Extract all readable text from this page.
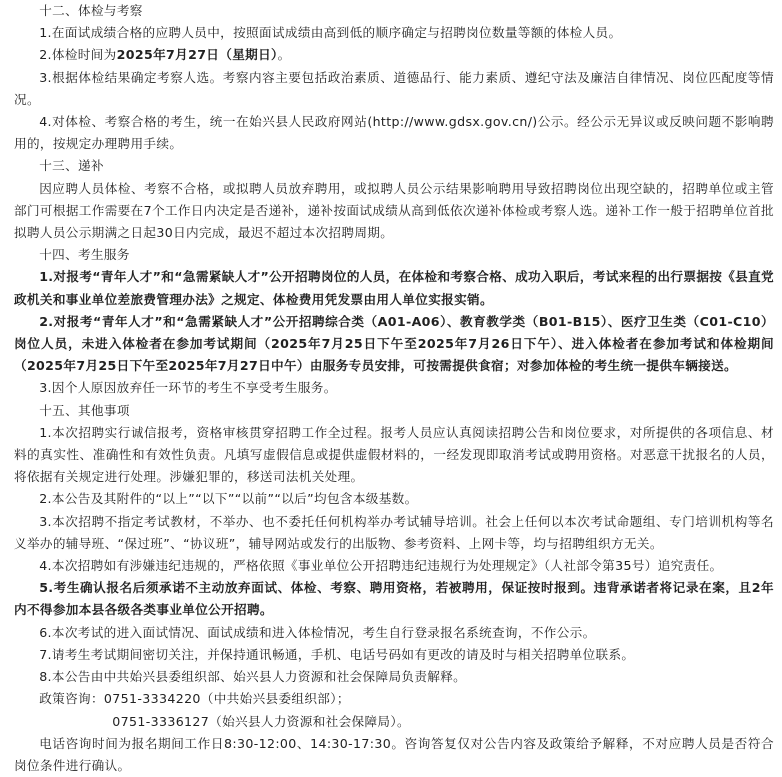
十二、体检与考察

1.在面试成绩合格的应聘人员中，按照面试成绩由高到低的顺序确定与招聘岗位数量等额的体检人员。

2.体检时间为2025年7月27日（星期日）。

3.根据体检结果确定考察人选。考察内容主要包括政治素质、道德品行、能力素质、遵纪守法及廉洁自律情况、岗位匹配度等情况。

4.对体检、考察合格的考生，统一在始兴县人民政府网站(http://www.gdsx.gov.cn/)公示。经公示无异议或反映问题不影响聘用的，按规定办理聘用手续。

十三、递补

因应聘人员体检、考察不合格，或拟聘人员放弃聘用，或拟聘人员公示结果影响聘用导致招聘岗位出现空缺的，招聘单位或主管部门可根据工作需要在7个工作日内决定是否递补，递补按面试成绩从高到低依次递补体检或考察人选。递补工作一般于招聘单位首批拟聘人员公示期满之日起30日内完成，最迟不超过本次招聘周期。

十四、考生服务

1.对报考“青年人才”和“急需紧缺人才”公开招聘岗位的人员，在体检和考察合格、成功入职后，考试来程的出行票据按《县直党政机关和事业单位差旅费管理办法》之规定、体检费用凭发票由用人单位实报实销。

2.对报考“青年人才”和“急需紧缺人才”公开招聘综合类（A01-A06）、教育教学类（B01-B15）、医疗卫生类（C01-C10）岗位人员，未进入体检者在参加考试期间（2025年7月25日下午至2025年7月26日下午）、进入体检者在参加考试和体检期间（2025年7月25日下午至2025年7月27日中午）由服务专员安排，可按需提供食宿；对参加体检的考生统一提供车辆接送。

3.因个人原因放弃任一环节的考生不享受考生服务。

十五、其他事项

1.本次招聘实行诚信报考，资格审核贯穿招聘工作全过程。报考人员应认真阅读招聘公告和岗位要求，对所提供的各项信息、材料的真实性、准确性和有效性负责。凡填写虚假信息或提供虚假材料的，一经发现即取消考试或聘用资格。对恶意干扰报名的人员，将依据有关规定进行处理。涉嫌犯罪的，移送司法机关处理。

2.本公告及其附件的“以上”“以下”“以前”“以后”均包含本级基数。

3.本次招聘不指定考试教材，不举办、也不委托任何机构举办考试辅导培训。社会上任何以本次考试命题组、专门培训机构等名义举办的辅导班、“保过班”、“协议班”，辅导网站或发行的出版物、参考资料、上网卡等，均与招聘组织方无关。

4.本次招聘如有涉嫌违纪违规的，严格依照《事业单位公开招聘违纪违规行为处理规定》（人社部令第35号）追究责任。

5.考生确认报名后须承诺不主动放弃面试、体检、考察、聘用资格，若被聘用，保证按时报到。违背承诺者将记录在案，且2年内不得参加本县各级各类事业单位公开招聘。

6.本次考试的进入面试情况、面试成绩和进入体检情况，考生自行登录报名系统查询，不作公示。

7.请考生考试期间密切关注，并保持通讯畅通，手机、电话号码如有更改的请及时与相关招聘单位联系。

8.本公告由中共始兴县委组织部、始兴县人力资源和社会保障局负责解释。

政策咨询：0751-3334220（中共始兴县委组织部）；

0751-3336127（始兴县人力资源和社会保障局）。

电话咨询时间为报名期间工作日8:30-12:00、14:30-17:30。咨询答复仅对公告内容及政策给予解释，不对应聘人员是否符合岗位条件进行确认。
